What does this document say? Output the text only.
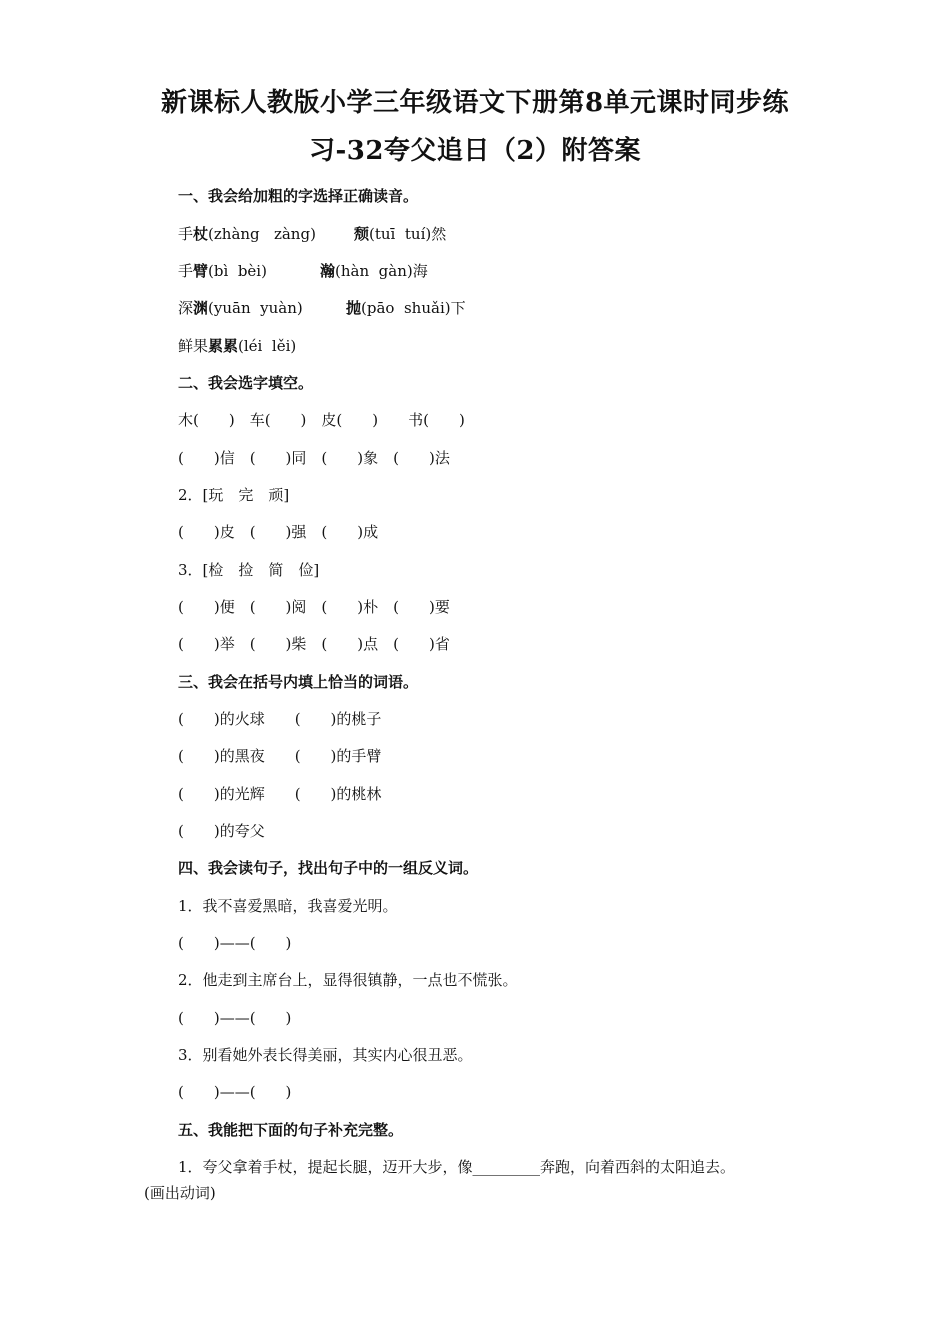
新课标人教版小学三年级语文下册第8单元课时同步练
习-32夸父追日（2）附答案
一、我会给加粗的字选择正确读音。
手杖(zhàng   zàng)	颓(tuī  tuí)然
手臂(bì  bèi)	瀚(hàn  gàn)海
深渊(yuān  yuàn)	抛(pāo  shuǎi)下
鲜果累累(léi  lěi)
二、我会选字填空。
木(　　)　车(　　)　皮(　　)　　书(　　)
(　　)信　(　　)同　(　　)象　(　　)法
2．[玩　完　顽]
(　　)皮　(　　)强　(　　)成
3．[检　捡　简　俭]
(　　)便　(　　)阅　(　　)朴　(　　)要
(　　)举　(　　)柴　(　　)点　(　　)省
三、我会在括号内填上恰当的词语。
(　　)的火球　　(　　)的桃子
(　　)的黑夜　　(　　)的手臂
(　　)的光辉　　(　　)的桃林
(　　)的夸父
四、我会读句子，找出句子中的一组反义词。
1．我不喜爱黑暗，我喜爱光明。
(　　)——(　　)
2．他走到主席台上，显得很镇静，一点也不慌张。
(　　)——(　　)
3．别看她外表长得美丽，其实内心很丑恶。
(　　)——(　　)
五、我能把下面的句子补充完整。
1．夸父拿着手杖，提起长腿，迈开大步，像_________奔跑，向着西斜的太阳追去。
(画出动词)
